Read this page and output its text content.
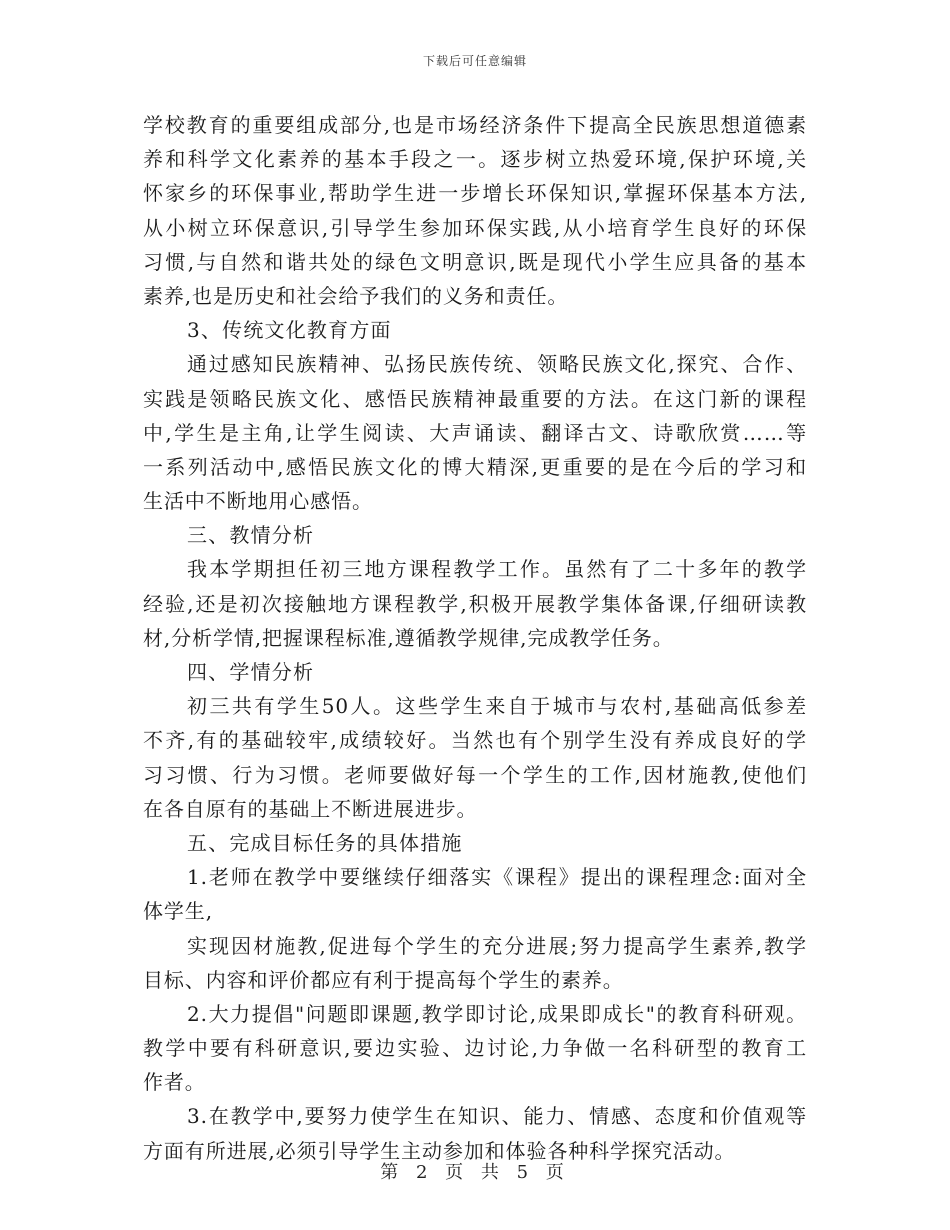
下载后可任意编辑
学校教育的重要组成部分,也是市场经济条件下提高全民族思想道德素
养和科学文化素养的基本手段之一。逐步树立热爱环境,保护环境,关
怀家乡的环保事业,帮助学生进一步增长环保知识,掌握环保基本方法,
从小树立环保意识,引导学生参加环保实践,从小培育学生良好的环保
习惯,与自然和谐共处的绿色文明意识,既是现代小学生应具备的基本
素养,也是历史和社会给予我们的义务和责任。
3、传统文化教育方面
通过感知民族精神、弘扬民族传统、领略民族文化,探究、合作、
实践是领略民族文化、感悟民族精神最重要的方法。在这门新的课程
中,学生是主角,让学生阅读、大声诵读、翻译古文、诗歌欣赏……等
一系列活动中,感悟民族文化的博大精深,更重要的是在今后的学习和
生活中不断地用心感悟。
三、教情分析
我本学期担任初三地方课程教学工作。虽然有了二十多年的教学
经验,还是初次接触地方课程教学,积极开展教学集体备课,仔细研读教
材,分析学情,把握课程标准,遵循教学规律,完成教学任务。
四、学情分析
初三共有学生50人。这些学生来自于城市与农村,基础高低参差
不齐,有的基础较牢,成绩较好。当然也有个别学生没有养成良好的学
习习惯、行为习惯。老师要做好每一个学生的工作,因材施教,使他们
在各自原有的基础上不断进展进步。
五、完成目标任务的具体措施
1.老师在教学中要继续仔细落实《课程》提出的课程理念:面对全
体学生,
实现因材施教,促进每个学生的充分进展;努力提高学生素养,教学
目标、内容和评价都应有利于提高每个学生的素养。
2.大力提倡"问题即课题,教学即讨论,成果即成长"的教育科研观。
教学中要有科研意识,要边实验、边讨论,力争做一名科研型的教育工
作者。
3.在教学中,要努力使学生在知识、能力、情感、态度和价值观等
方面有所进展,必须引导学生主动参加和体验各种科学探究活动。
第 2 页 共 5 页
